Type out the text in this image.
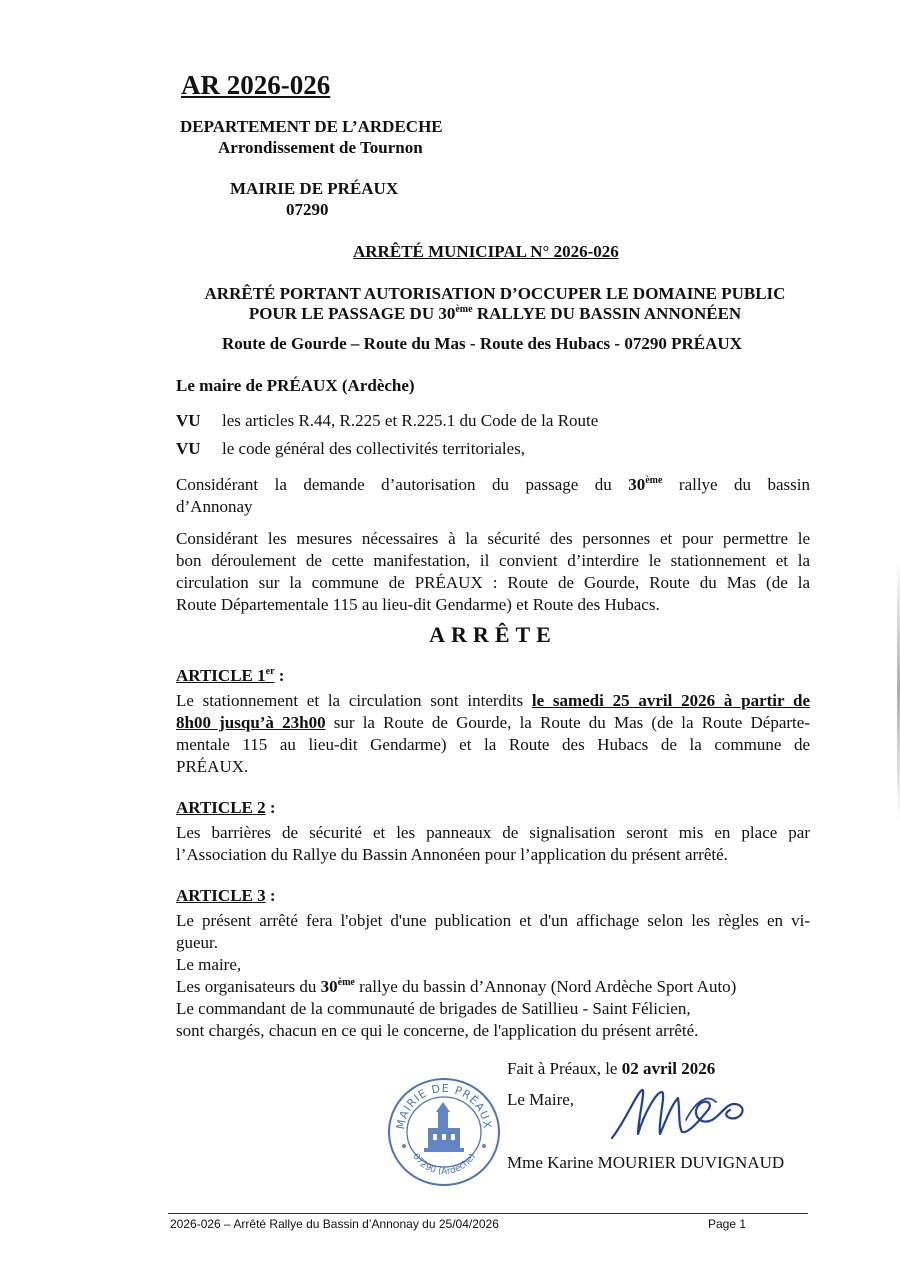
AR 2026-026
DEPARTEMENT DE L’ARDECHE
Arrondissement de Tournon
MAIRIE DE PRÉAUX
07290
ARRÊTÉ MUNICIPAL N° 2026-026
ARRÊTÉ PORTANT AUTORISATION D’OCCUPER LE DOMAINE PUBLIC
POUR LE PASSAGE DU 30ème RALLYE DU BASSIN ANNONÉEN
Route de Gourde – Route du Mas - Route des Hubacs - 07290 PRÉAUX
Le maire de PRÉAUX (Ardèche)
VU les articles R.44, R.225 et R.225.1 du Code de la Route
VU le code général des collectivités territoriales,
Considérant la demande d’autorisation du passage du 30ème rallye du bassin
d’Annonay
Considérant les mesures nécessaires à la sécurité des personnes et pour permettre le
bon déroulement de cette manifestation, il convient d’interdire le stationnement et la
circulation sur la commune de PRÉAUX : Route de Gourde, Route du Mas (de la
Route Départementale 115 au lieu-dit Gendarme) et Route des Hubacs.
ARRÊTE
ARTICLE 1er :
Le stationnement et la circulation sont interdits le samedi 25 avril 2026 à partir de
8h00 jusqu’à 23h00 sur la Route de Gourde, la Route du Mas (de la Route Départe-
mentale 115 au lieu-dit Gendarme) et la Route des Hubacs de la commune de
PRÉAUX.
ARTICLE 2 :
Les barrières de sécurité et les panneaux de signalisation seront mis en place par
l’Association du Rallye du Bassin Annonéen pour l’application du présent arrêté.
ARTICLE 3 :
Le présent arrêté fera l'objet d'une publication et d'un affichage selon les règles en vi-
gueur.
Le maire,
Les organisateurs du 30ème rallye du bassin d’Annonay (Nord Ardèche Sport Auto)
Le commandant de la communauté de brigades de Satillieu - Saint Félicien,
sont chargés, chacun en ce qui le concerne, de l'application du présent arrêté.
Fait à Préaux, le 02 avril 2026
Le Maire,
Mme Karine MOURIER DUVIGNAUD
MAIRIE DE PRÉAUX
07290 (Ardèche)
2026-026 – Arrêté Rallye du Bassin d’Annonay du 25/04/2026	Page 1
